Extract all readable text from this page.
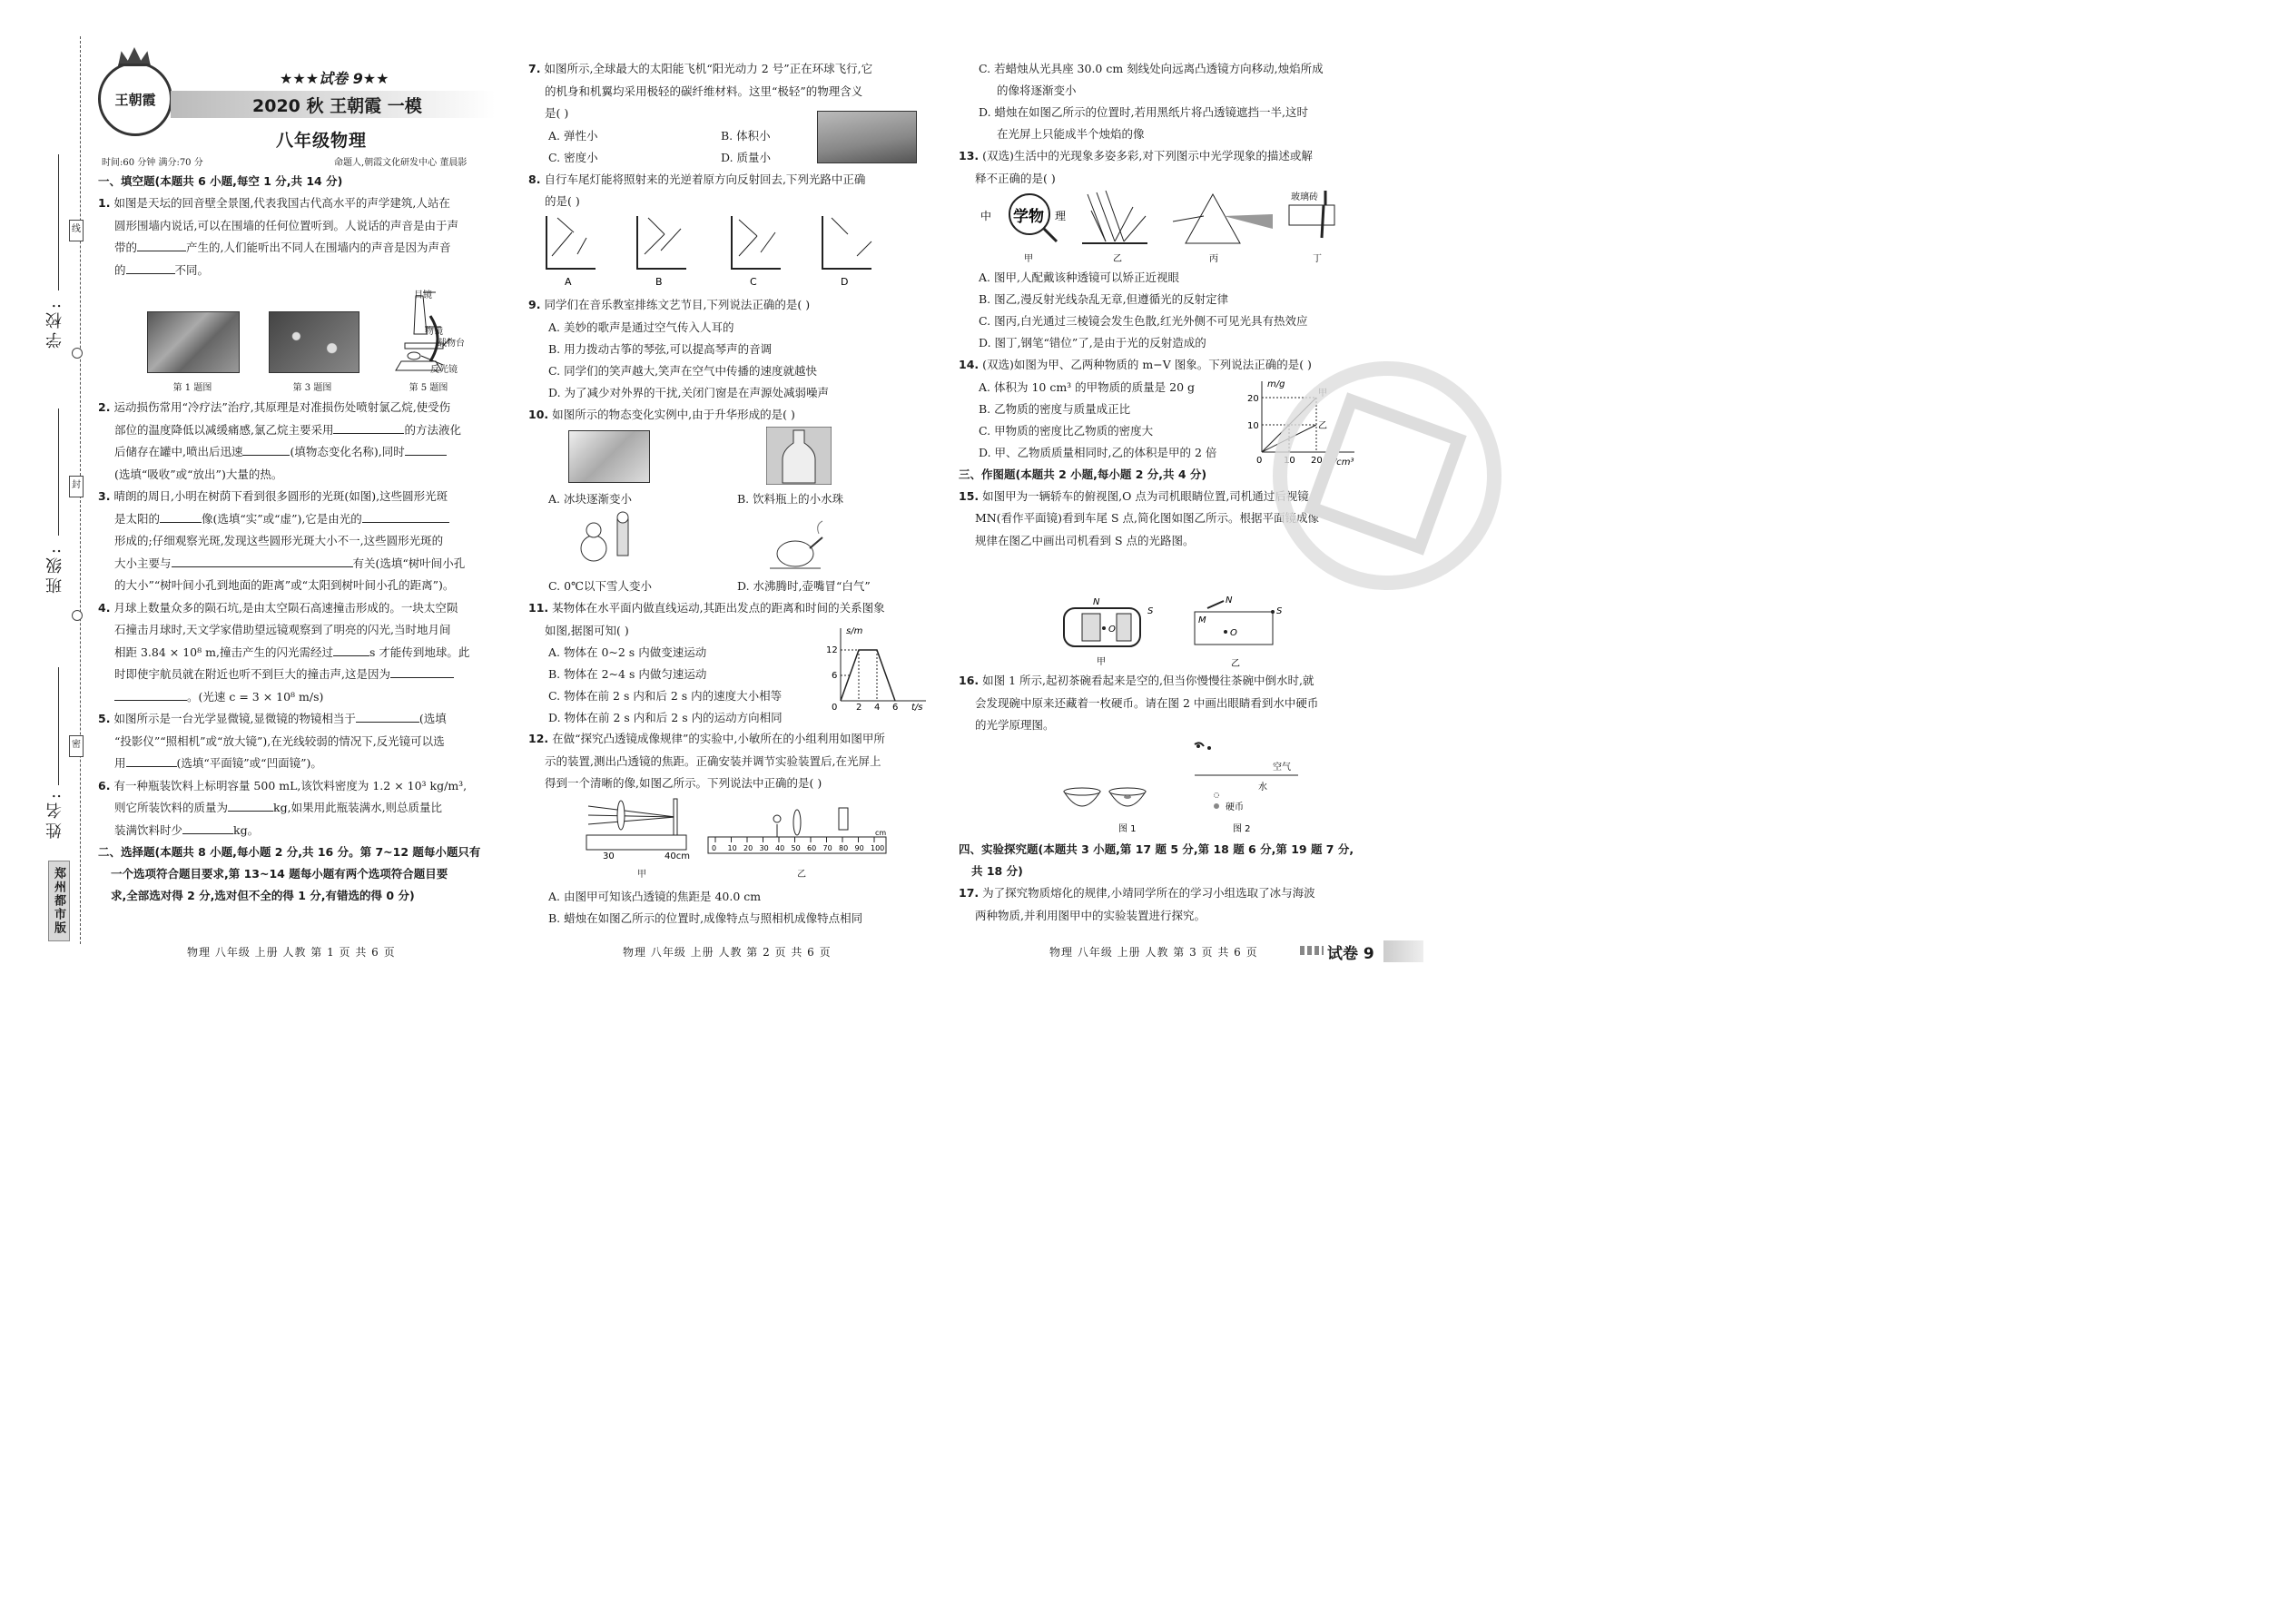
学校:
班级:
姓名:
线
封
密
郑州都市版
王朝霞
★★★试卷 9★★
2020 秋 王朝霞 一模
八年级物理
时间:60 分钟 满分:70 分	命题人,朝霞文化研发中心 董晨影
一、填空题(本题共 6 小题,每空 1 分,共 14 分)

1. 如图是天坛的回音壁全景图,代表我国古代高水平的声学建筑,人站在
圆形围墙内说话,可以在围墙的任何位置听到。人说话的声音是由于声
带的	产生的,人们能听出不同人在围墙内的声音是因为声音
的	不同。

目镜
物镜
载物台
反光镜
第 1 题图	第 3 题图	第 5 题图

2. 运动损伤常用“冷疗法”治疗,其原理是对准损伤处喷射氯乙烷,使受伤
部位的温度降低以减缓痛感,氯乙烷主要采用	的方法液化
后储存在罐中,喷出后迅速	(填物态变化名称),同时
(选填“吸收”或“放出”)大量的热。

3. 晴朗的周日,小明在树荫下看到很多圆形的光斑(如图),这些圆形光斑
是太阳的	像(选填“实”或“虚”),它是由光的
形成的;仔细观察光斑,发现这些圆形光斑大小不一,这些圆形光斑的
大小主要与	有关(选填“树叶间小孔
的大小”“树叶间小孔到地面的距离”或“太阳到树叶间小孔的距离”)。

4. 月球上数量众多的陨石坑,是由太空陨石高速撞击形成的。一块太空陨
石撞击月球时,天文学家借助望远镜观察到了明亮的闪光,当时地月间
相距 3.84 × 10⁸ m,撞击产生的闪光需经过	s 才能传到地球。此
时即使宇航员就在附近也听不到巨大的撞击声,这是因为
。(光速 c = 3 × 10⁸ m/s)

5. 如图所示是一台光学显微镜,显微镜的物镜相当于	(选填
“投影仪”“照相机”或“放大镜”),在光线较弱的情况下,反光镜可以选
用	(选填“平面镜”或“凹面镜”)。

6. 有一种瓶装饮料上标明容量 500 mL,该饮料密度为 1.2 × 10³ kg/m³,
则它所装饮料的质量为	kg,如果用此瓶装满水,则总质量比
装满饮料时少	kg。

二、选择题(本题共 8 小题,每小题 2 分,共 16 分。第 7~12 题每小题只有
一个选项符合题目要求,第 13~14 题每小题有两个选项符合题目要
求,全部选对得 2 分,选对但不全的得 1 分,有错选的得 0 分)
物理 八年级 上册 人教 第 1 页 共 6 页

7. 如图所示,全球最大的太阳能飞机“阳光动力 2 号”正在环球飞行,它
的机身和机翼均采用极轻的碳纤维材料。这里“极轻”的物理含义
是( )

A. 弹性小	B. 体积小

C. 密度小	D. 质量小

8. 自行车尾灯能将照射来的光逆着原方向反射回去,下列光路中正确
的是( )

A	B	C	D

9. 同学们在音乐教室排练文艺节目,下列说法正确的是( )

A. 美妙的歌声是通过空气传入人耳的

B. 用力拨动古筝的琴弦,可以提高琴声的音调

C. 同学们的笑声越大,笑声在空气中传播的速度就越快

D. 为了减少对外界的干扰,关闭门窗是在声源处减弱噪声

10. 如图所示的物态变化实例中,由于升华形成的是( )

A. 冰块逐渐变小	B. 饮料瓶上的小水珠
C. 0℃以下雪人变小	D. 水沸腾时,壶嘴冒“白气”

11. 某物体在水平面内做直线运动,其距出发点的距离和时间的关系图象
如图,据图可知( )

A. 物体在 0~2 s 内做变速运动

B. 物体在 2~4 s 内做匀速运动

C. 物体在前 2 s 内和后 2 s 内的速度大小相等

D. 物体在前 2 s 内和后 2 s 内的运动方向相同

s/m
t/s
12
6
0 2 4 6

12. 在做“探究凸透镜成像规律”的实验中,小敏所在的小组利用如图甲所
示的装置,测出凸透镜的焦距。正确安装并调节实验装置后,在光屏上
得到一个清晰的像,如图乙所示。下列说法中正确的是( )

30	40cm
0 10 20 30 40 50 60 70 80 90 100
cm
甲	乙

A. 由图甲可知该凸透镜的焦距是 40.0 cm

B. 蜡烛在如图乙所示的位置时,成像特点与照相机成像特点相同

物理 八年级 上册 人教 第 2 页 共 6 页

C. 若蜡烛从光具座 30.0 cm 刻线处向远离凸透镜方向移动,烛焰所成
的像将逐渐变小

D. 蜡烛在如图乙所示的位置时,若用黑纸片将凸透镜遮挡一半,这时
在光屏上只能成半个烛焰的像

13. (双选)生活中的光现象多姿多彩,对下列图示中光学现象的描述或解
释不正确的是( )

中 学物 理
玻璃砖
甲	乙	丙	丁

A. 图甲,人配戴该种透镜可以矫正近视眼

B. 图乙,漫反射光线杂乱无章,但遵循光的反射定律

C. 图丙,白光通过三棱镜会发生色散,红光外侧不可见光具有热效应

D. 图丁,钢笔“错位”了,是由于光的反射造成的

14. (双选)如图为甲、乙两种物质的 m−V 图象。下列说法正确的是( )

A. 体积为 10 cm³ 的甲物质的质量是 20 g

B. 乙物质的密度与质量成正比

C. 甲物质的密度比乙物质的密度大

D. 甲、乙物质质量相同时,乙的体积是甲的 2 倍

三、作图题(本题共 2 小题,每小题 2 分,共 4 分)

15. 如图甲为一辆轿车的俯视图,O 点为司机眼睛位置,司机通过后视镜
MN(看作平面镜)看到车尾 S 点,简化图如图乙所示。根据平面镜成像
规律在图乙中画出司机看到 S 点的光路图。

m/g
V/cm³
20
10
0 10 20
甲
乙
N
S
O
甲
N
M
S
O
乙

16. 如图 1 所示,起初茶碗看起来是空的,但当你慢慢往茶碗中倒水时,就
会发现碗中原来还藏着一枚硬币。请在图 2 中画出眼睛看到水中硬币
的光学原理图。

空气
水
硬币
图 1	图 2
四、实验探究题(本题共 3 小题,第 17 题 5 分,第 18 题 6 分,第 19 题 7 分,
共 18 分)

17. 为了探究物质熔化的规律,小靖同学所在的学习小组选取了冰与海波
两种物质,并利用图甲中的实验装置进行探究。

物理 八年级 上册 人教 第 3 页 共 6 页	试卷 9
